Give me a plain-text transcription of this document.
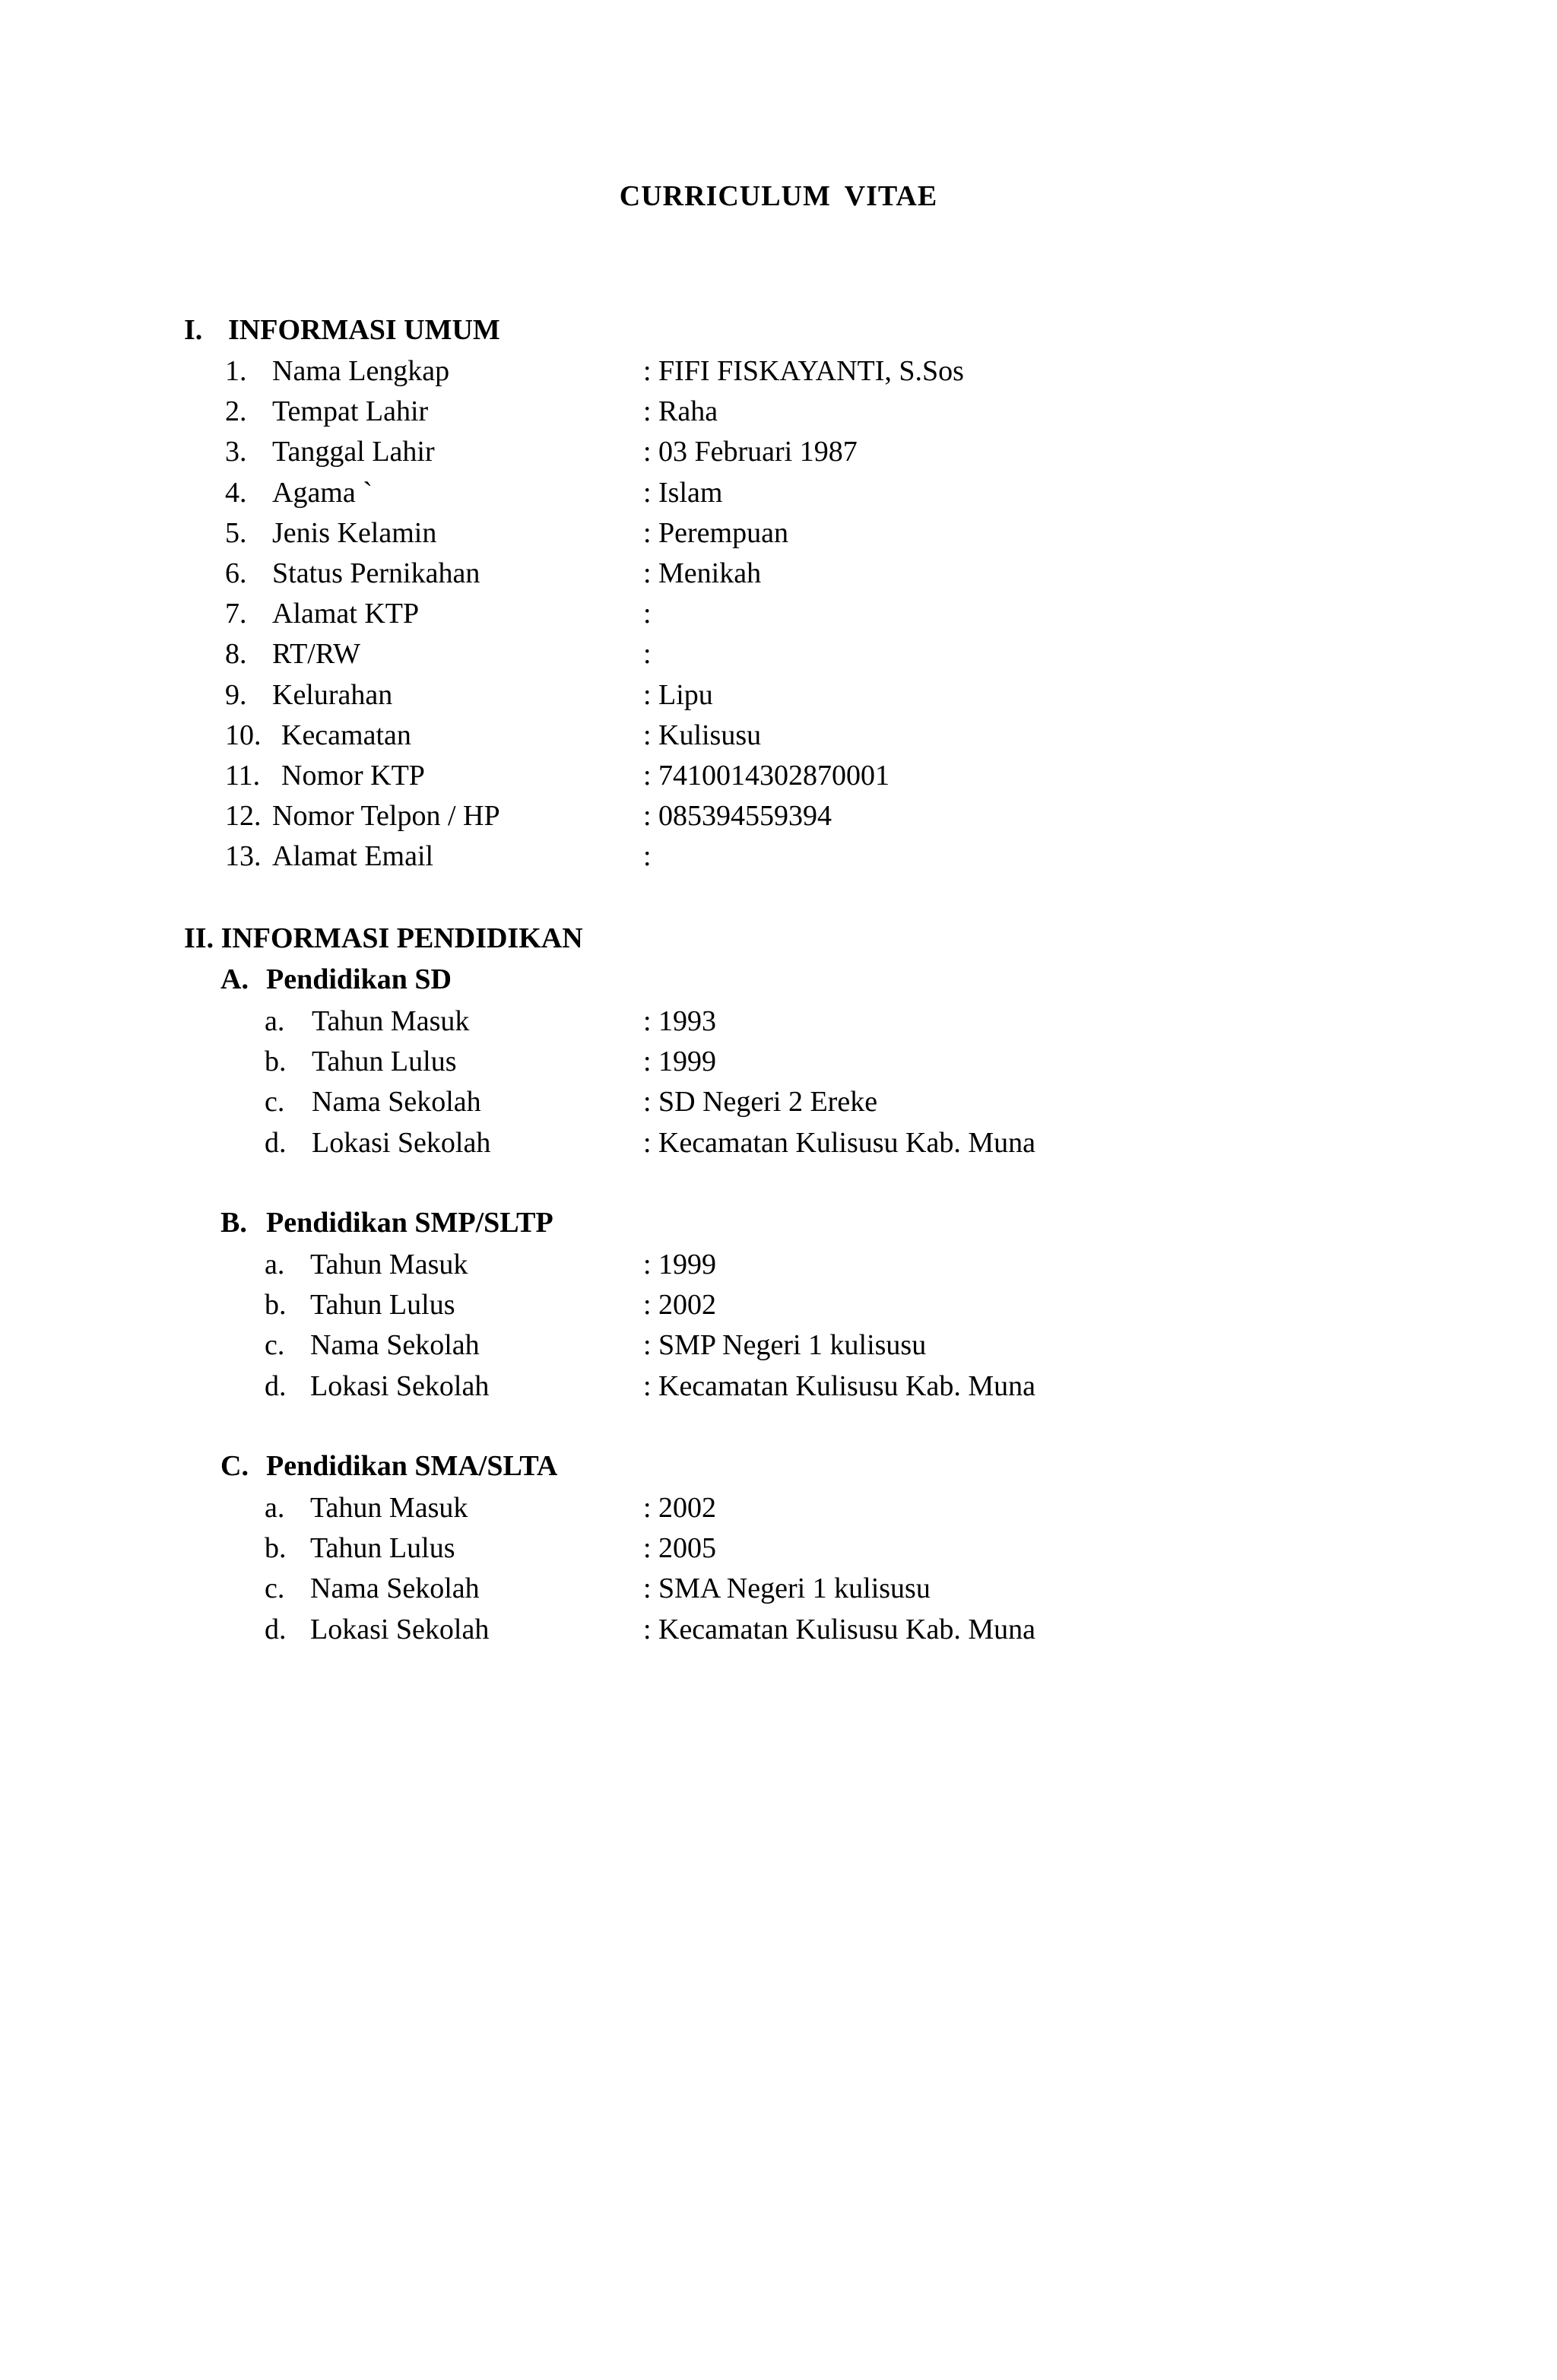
CURRICULUM VITAE
I. INFORMASI UMUM
1. Nama Lengkap	: FIFI FISKAYANTI, S.Sos
2. Tempat Lahir	: Raha
3. Tanggal Lahir	: 03 Februari 1987
4. Agama `	: Islam
5. Jenis Kelamin	: Perempuan
6. Status Pernikahan	: Menikah
7. Alamat KTP	:
8. RT/RW	:
9. Kelurahan	: Lipu
10. Kecamatan	: Kulisusu
11. Nomor KTP	: 7410014302870001
12. Nomor Telpon / HP	: 085394559394
13. Alamat Email	:
II. INFORMASI PENDIDIKAN
A. Pendidikan SD
a. Tahun Masuk	: 1993
b. Tahun Lulus	: 1999
c. Nama Sekolah	: SD Negeri 2 Ereke
d. Lokasi Sekolah	: Kecamatan Kulisusu Kab. Muna
B. Pendidikan SMP/SLTP
a. Tahun Masuk	: 1999
b. Tahun Lulus	: 2002
c. Nama Sekolah	: SMP Negeri 1 kulisusu
d. Lokasi Sekolah	: Kecamatan Kulisusu Kab. Muna
C. Pendidikan SMA/SLTA
a. Tahun Masuk	: 2002
b. Tahun Lulus	: 2005
c. Nama Sekolah	: SMA Negeri 1 kulisusu
d. Lokasi Sekolah	: Kecamatan Kulisusu Kab. Muna
